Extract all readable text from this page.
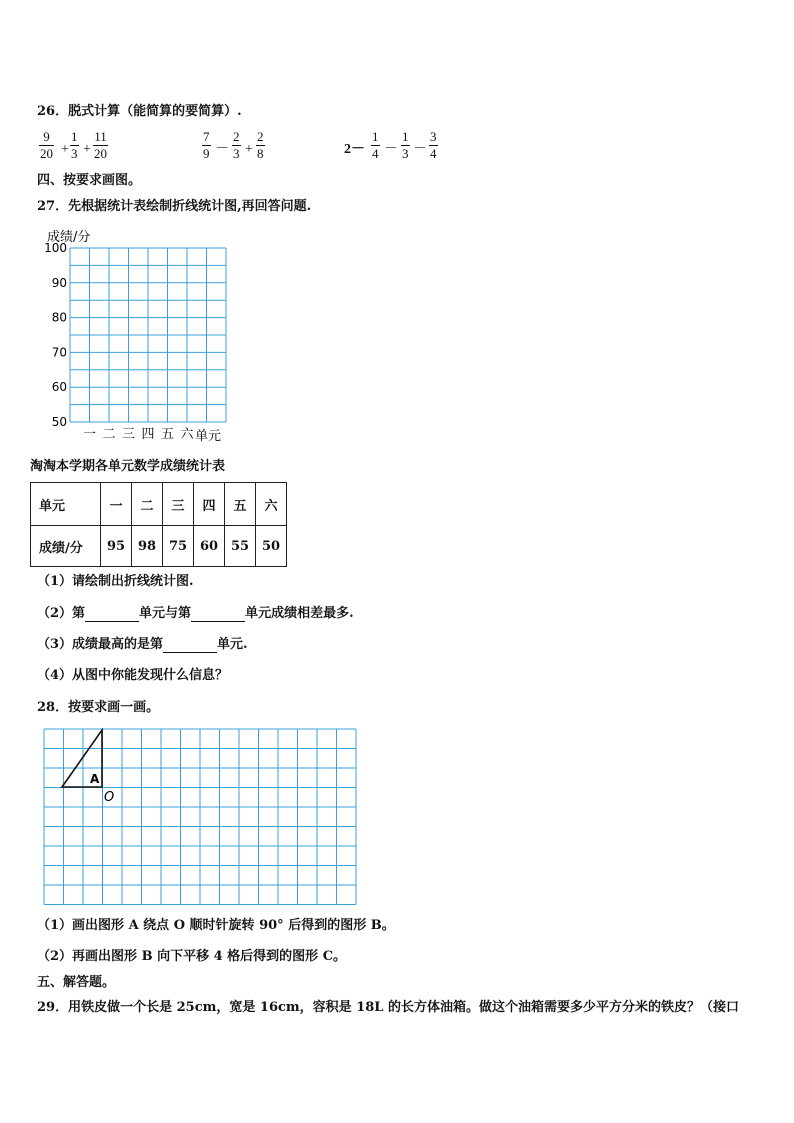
26．脱式计算（能简算的要简算）.
9
20 +
1
3 +
11
20
7
9 －
2
3 +
2
8	2－
1
4 －
1
3 －
3
4
四、按要求画图。
27．先根据统计表绘制折线统计图,再回答问题.
成绩/分
100
90
80
70
60
50
一 二 三 四 五 六 单元
淘淘本学期各单元数学成绩统计表
单元	一	二	三	四	五	六
成绩/分	95	98	75	60	55	50
（1）请绘制出折线统计图.
（2）第	单元与第	单元成绩相差最多.
（3）成绩最高的是第	单元.
（4）从图中你能发现什么信息？
28．按要求画一画。
A
O
（1）画出图形 A 绕点 O 顺时针旋转 90° 后得到的图形 B。
（2）再画出图形 B 向下平移 4 格后得到的图形 C。
五、解答题。
29．用铁皮做一个长是 25cm，宽是 16cm，容积是 18L 的长方体油箱。做这个油箱需要多少平方分米的铁皮？（接口
